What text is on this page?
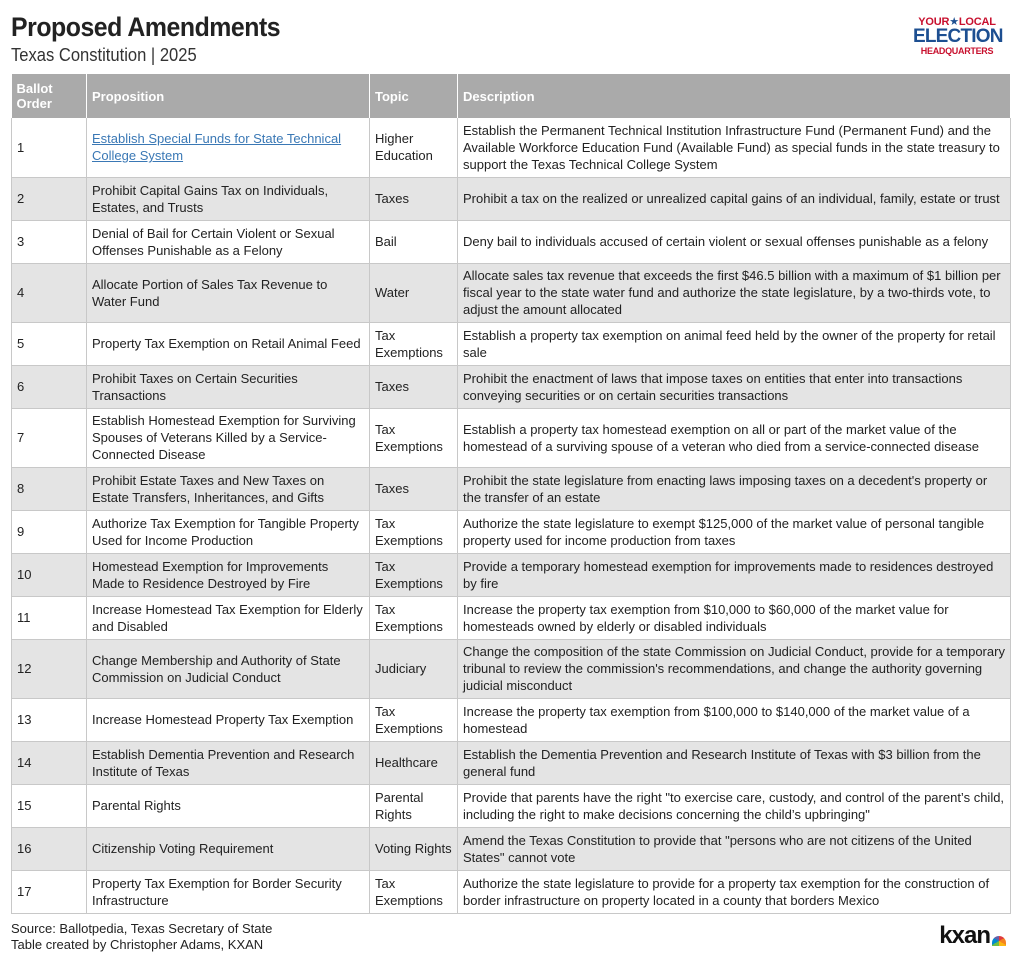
Proposed Amendments
Texas Constitution | 2025
YOUR★LOCAL
ELECTION
HEADQUARTERS
Ballot Order	Proposition	Topic	Description
1	Establish Special Funds for State Technical College System	Higher Education	Establish the Permanent Technical Institution Infrastructure Fund (Permanent Fund) and the Available Workforce Education Fund (Available Fund) as special funds in the state treasury to support the Texas Technical College System
2	Prohibit Capital Gains Tax on Individuals, Estates, and Trusts	Taxes	Prohibit a tax on the realized or unrealized capital gains of an individual, family, estate or trust
3	Denial of Bail for Certain Violent or Sexual Offenses Punishable as a Felony	Bail	Deny bail to individuals accused of certain violent or sexual offenses punishable as a felony
4	Allocate Portion of Sales Tax Revenue to Water Fund	Water	Allocate sales tax revenue that exceeds the first $46.5 billion with a maximum of $1 billion per fiscal year to the state water fund and authorize the state legislature, by a two-thirds vote, to adjust the amount allocated
5	Property Tax Exemption on Retail Animal Feed	Tax Exemptions	Establish a property tax exemption on animal feed held by the owner of the property for retail sale
6	Prohibit Taxes on Certain Securities Transactions	Taxes	Prohibit the enactment of laws that impose taxes on entities that enter into transactions conveying securities or on certain securities transactions
7	Establish Homestead Exemption for Surviving Spouses of Veterans Killed by a Service-Connected Disease	Tax Exemptions	Establish a property tax homestead exemption on all or part of the market value of the homestead of a surviving spouse of a veteran who died from a service-connected disease
8	Prohibit Estate Taxes and New Taxes on Estate Transfers, Inheritances, and Gifts	Taxes	Prohibit the state legislature from enacting laws imposing taxes on a decedent's property or the transfer of an estate
9	Authorize Tax Exemption for Tangible Property Used for Income Production	Tax Exemptions	Authorize the state legislature to exempt $125,000 of the market value of personal tangible property used for income production from taxes
10	Homestead Exemption for Improvements Made to Residence Destroyed by Fire	Tax Exemptions	Provide a temporary homestead exemption for improvements made to residences destroyed by fire
11	Increase Homestead Tax Exemption for Elderly and Disabled	Tax Exemptions	Increase the property tax exemption from $10,000 to $60,000 of the market value for homesteads owned by elderly or disabled individuals
12	Change Membership and Authority of State Commission on Judicial Conduct	Judiciary	Change the composition of the state Commission on Judicial Conduct, provide for a temporary tribunal to review the commission's recommendations, and change the authority governing judicial misconduct
13	Increase Homestead Property Tax Exemption	Tax Exemptions	Increase the property tax exemption from $100,000 to $140,000 of the market value of a homestead
14	Establish Dementia Prevention and Research Institute of Texas	Healthcare	Establish the Dementia Prevention and Research Institute of Texas with $3 billion from the general fund
15	Parental Rights	Parental Rights	Provide that parents have the right "to exercise care, custody, and control of the parent’s child, including the right to make decisions concerning the child’s upbringing"
16	Citizenship Voting Requirement	Voting Rights	Amend the Texas Constitution to provide that "persons who are not citizens of the United States" cannot vote
17	Property Tax Exemption for Border Security Infrastructure	Tax Exemptions	Authorize the state legislature to provide for a property tax exemption for the construction of border infrastructure on property located in a county that borders Mexico
Source: Ballotpedia, Texas Secretary of State
Table created by Christopher Adams, KXAN	kxan
